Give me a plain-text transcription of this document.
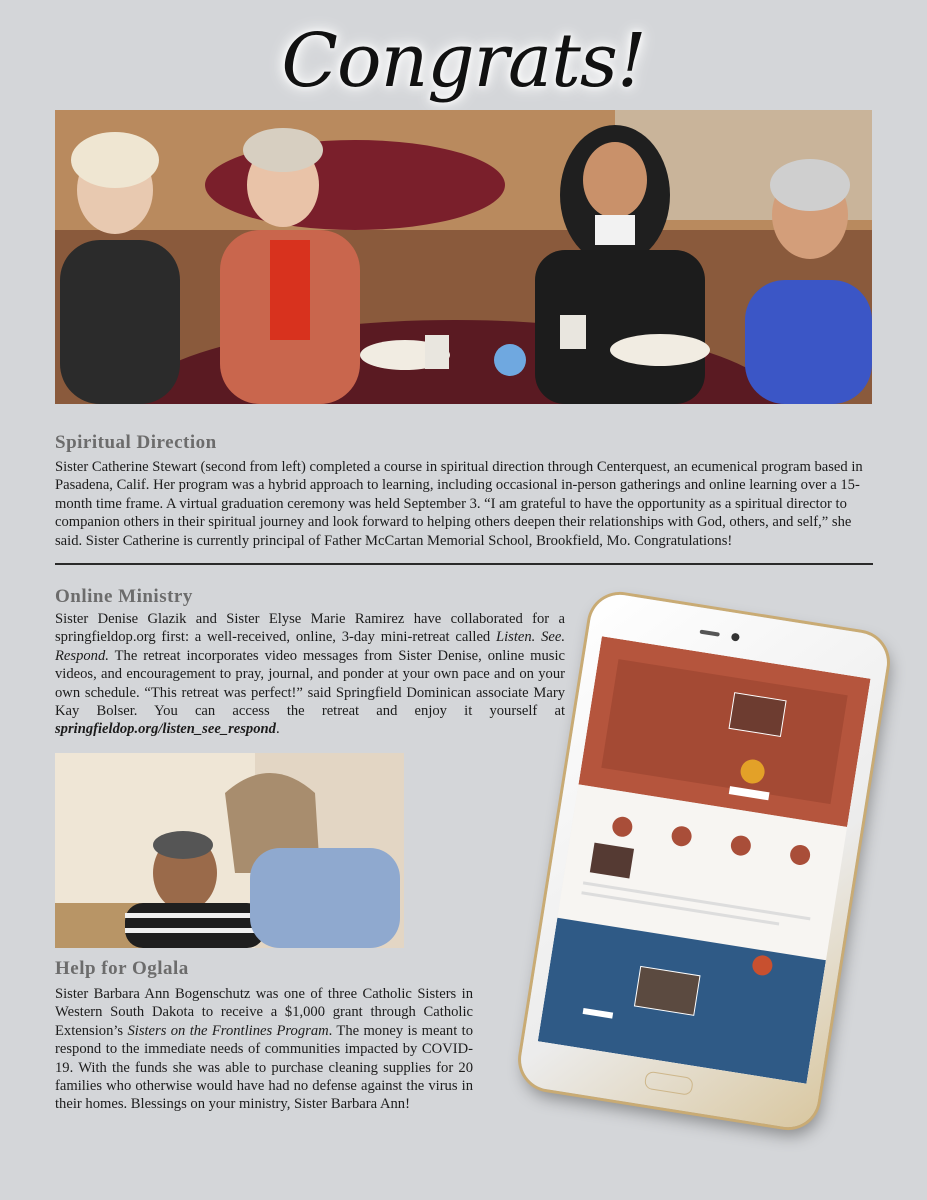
Congrats!
Spiritual Direction

Sister Catherine Stewart (second from left) completed a course in spiritual direction through Centerquest, an ecumenical program based in Pasadena, Calif. Her program was a hybrid approach to learning, including occasional in-person gatherings and online learning over a 15-month time frame. A virtual graduation ceremony was held September 3. “I am grateful to have the opportunity as a spiritual director to companion others in their spiritual journey and look forward to helping others deepen their relationships with God, others, and self,” she said. Sister Catherine is currently principal of Father McCartan Memorial School, Brookfield, Mo. Congratulations!

Online Ministry

Sister Denise Glazik and Sister Elyse Marie Ramirez have collaborated for a springfieldop.org first: a well-received, online, 3-day mini-retreat called Listen. See. Respond. The retreat incorporates video messages from Sister Denise, online music videos, and encouragement to pray, journal, and ponder at your own pace and on your own schedule. “This retreat was perfect!” said Springfield Dominican associate Mary Kay Bolser. You can access the retreat and enjoy it yourself at springfieldop.org/listen_see_respond.

Help for Oglala

Sister Barbara Ann Bogenschutz was one of three Catholic Sisters in Western South Dakota to receive a $1,000 grant through Catholic Extension’s Sisters on the Frontlines Program. The money is meant to respond to the immediate needs of communities impacted by COVID-19. With the funds she was able to purchase cleaning supplies for 20 families who otherwise would have had no defense against the virus in their homes. Blessings on your ministry, Sister Barbara Ann!
